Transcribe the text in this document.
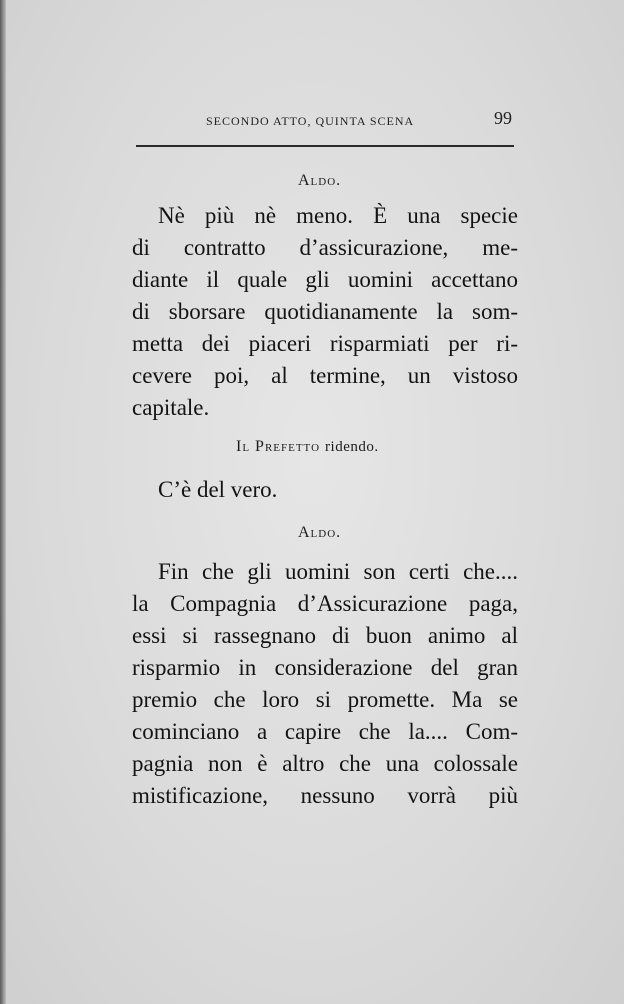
SECONDO ATTO, QUINTA SCENA	99
Aldo.
Nè più nè meno. È una specie
di contratto d’assicurazione, me-
diante il quale gli uomini accettano
di sborsare quotidianamente la som-
metta dei piaceri risparmiati per ri-
cevere poi, al termine, un vistoso
capitale.
Il Prefetto ridendo.
C’è del vero.
Aldo.
Fin che gli uomini son certi che....
la Compagnia d’Assicurazione paga,
essi si rassegnano di buon animo al
risparmio in considerazione del gran
premio che loro si promette. Ma se
cominciano a capire che la.... Com-
pagnia non è altro che una colossale
mistificazione, nessuno vorrà più
